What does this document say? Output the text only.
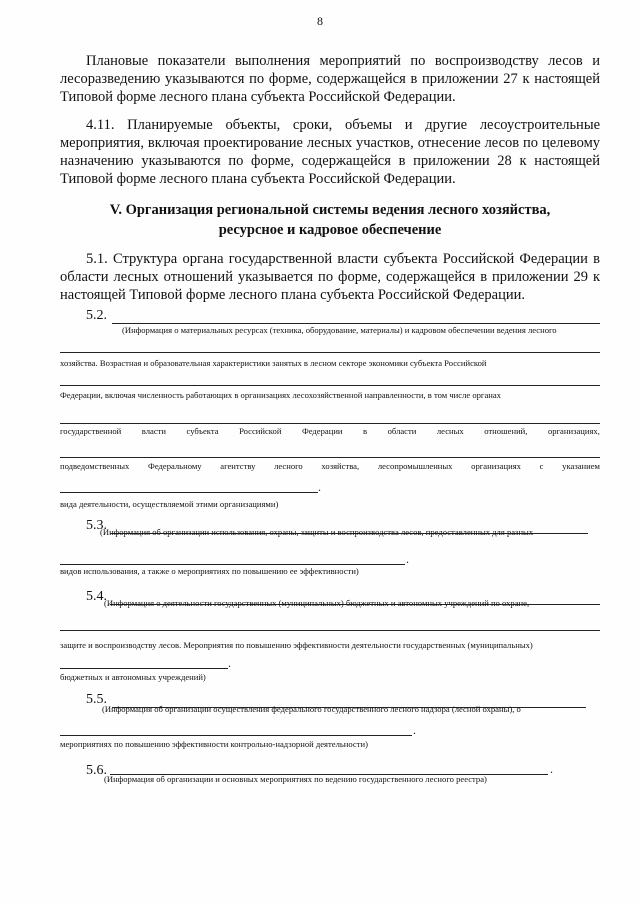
8
Плановые показатели выполнения мероприятий по воспроизводству лесов и лесоразведению указываются по форме, содержащейся в приложении 27 к настоящей Типовой форме лесного плана субъекта Российской Федерации.
4.11. Планируемые объекты, сроки, объемы и другие лесоустроительные мероприятия, включая проектирование лесных участков, отнесение лесов по целевому назначению указываются по форме, содержащейся в приложении 28 к настоящей Типовой форме лесного плана субъекта Российской Федерации.
V. Организация региональной системы ведения лесного хозяйства,
ресурсное и кадровое обеспечение
5.1. Структура органа государственной власти субъекта Российской Федерации в области лесных отношений указывается по форме, содержащейся в приложении 29 к настоящей Типовой форме лесного плана субъекта Российской Федерации.
5.2.
(Информация о материальных ресурсах (техника, оборудование, материалы) и кадровом обеспечении ведения лесного
хозяйства. Возрастная и образовательная характеристики занятых в лесном секторе экономики субъекта Российской
Федерации, включая численность работающих в организациях лесохозяйственной направленности, в том числе органах
государственной власти субъекта Российской Федерации в области лесных отношений, организациях,
подведомственных Федеральному агентству лесного хозяйства, лесопромышленных организациях с указанием
.
вида деятельности, осуществляемой этими организациями)
5.3.
(Информация об организации использования, охраны, защиты и воспроизводства лесов, предоставленных для разных
.
видов использования, а также о мероприятиях по повышению ее эффективности)
5.4.
(Информация о деятельности государственных (муниципальных) бюджетных и автономных учреждений по охране,
защите и воспроизводству лесов. Мероприятия по повышению эффективности деятельности государственных (муниципальных)
.
бюджетных и автономных учреждений)
5.5.
(Информация об организации осуществления федерального государственного лесного надзора (лесной охраны), о
.
мероприятиях по повышению эффективности контрольно-надзорной деятельности)
5.6.	.
(Информация об организации и основных мероприятиях по ведению государственного лесного реестра)
